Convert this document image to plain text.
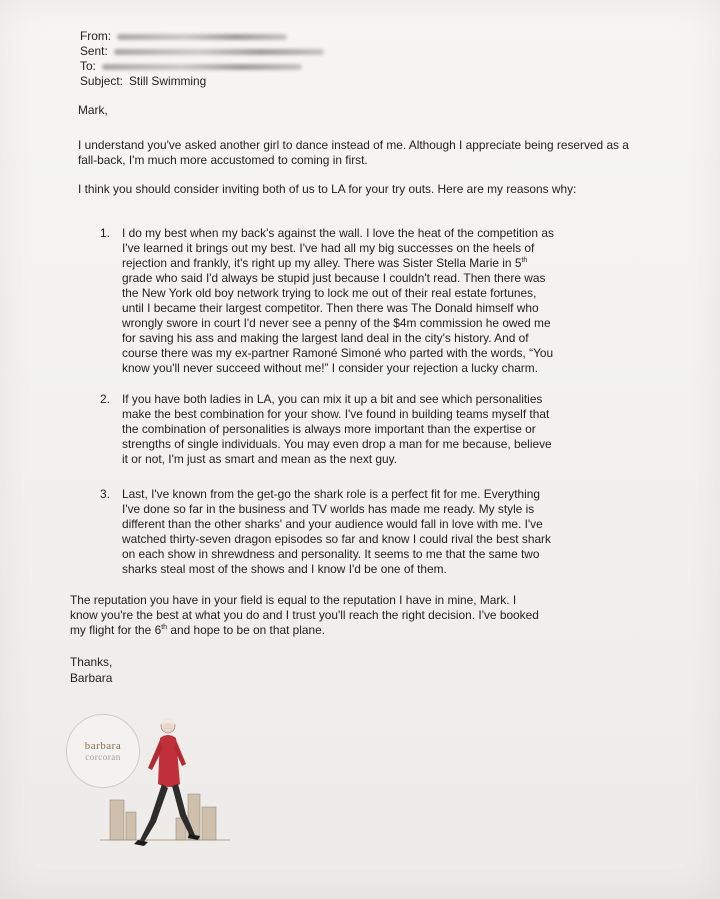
From:
Sent:
To:
Subject: Still Swimming
Mark,
I understand you've asked another girl to dance instead of me. Although I appreciate being reserved as a fall-back, I'm much more accustomed to coming in first.
I think you should consider inviting both of us to LA for your try outs. Here are my reasons why:
1.	I do my best when my back's against the wall. I love the heat of the competition as
I've learned it brings out my best. I've had all my big successes on the heels of
rejection and frankly, it's right up my alley. There was Sister Stella Marie in 5th
grade who said I'd always be stupid just because I couldn't read. Then there was
the New York old boy network trying to lock me out of their real estate fortunes,
until I became their largest competitor. Then there was The Donald himself who
wrongly swore in court I'd never see a penny of the $4m commission he owed me
for saving his ass and making the largest land deal in the city's history. And of
course there was my ex-partner Ramoné Simoné who parted with the words, “You
know you'll never succeed without me!” I consider your rejection a lucky charm.
2.	If you have both ladies in LA, you can mix it up a bit and see which personalities
make the best combination for your show. I've found in building teams myself that
the combination of personalities is always more important than the expertise or
strengths of single individuals. You may even drop a man for me because, believe
it or not, I'm just as smart and mean as the next guy.
3.	Last, I've known from the get-go the shark role is a perfect fit for me. Everything
I've done so far in the business and TV worlds has made me ready. My style is
different than the other sharks' and your audience would fall in love with me. I've
watched thirty-seven dragon episodes so far and know I could rival the best shark
on each show in shrewdness and personality. It seems to me that the same two
sharks steal most of the shows and I know I'd be one of them.
The reputation you have in your field is equal to the reputation I have in mine, Mark. I
know you're the best at what you do and I trust you'll reach the right decision. I've booked
my flight for the 6th and hope to be on that plane.
Thanks,
Barbara
barbara
corcoran
